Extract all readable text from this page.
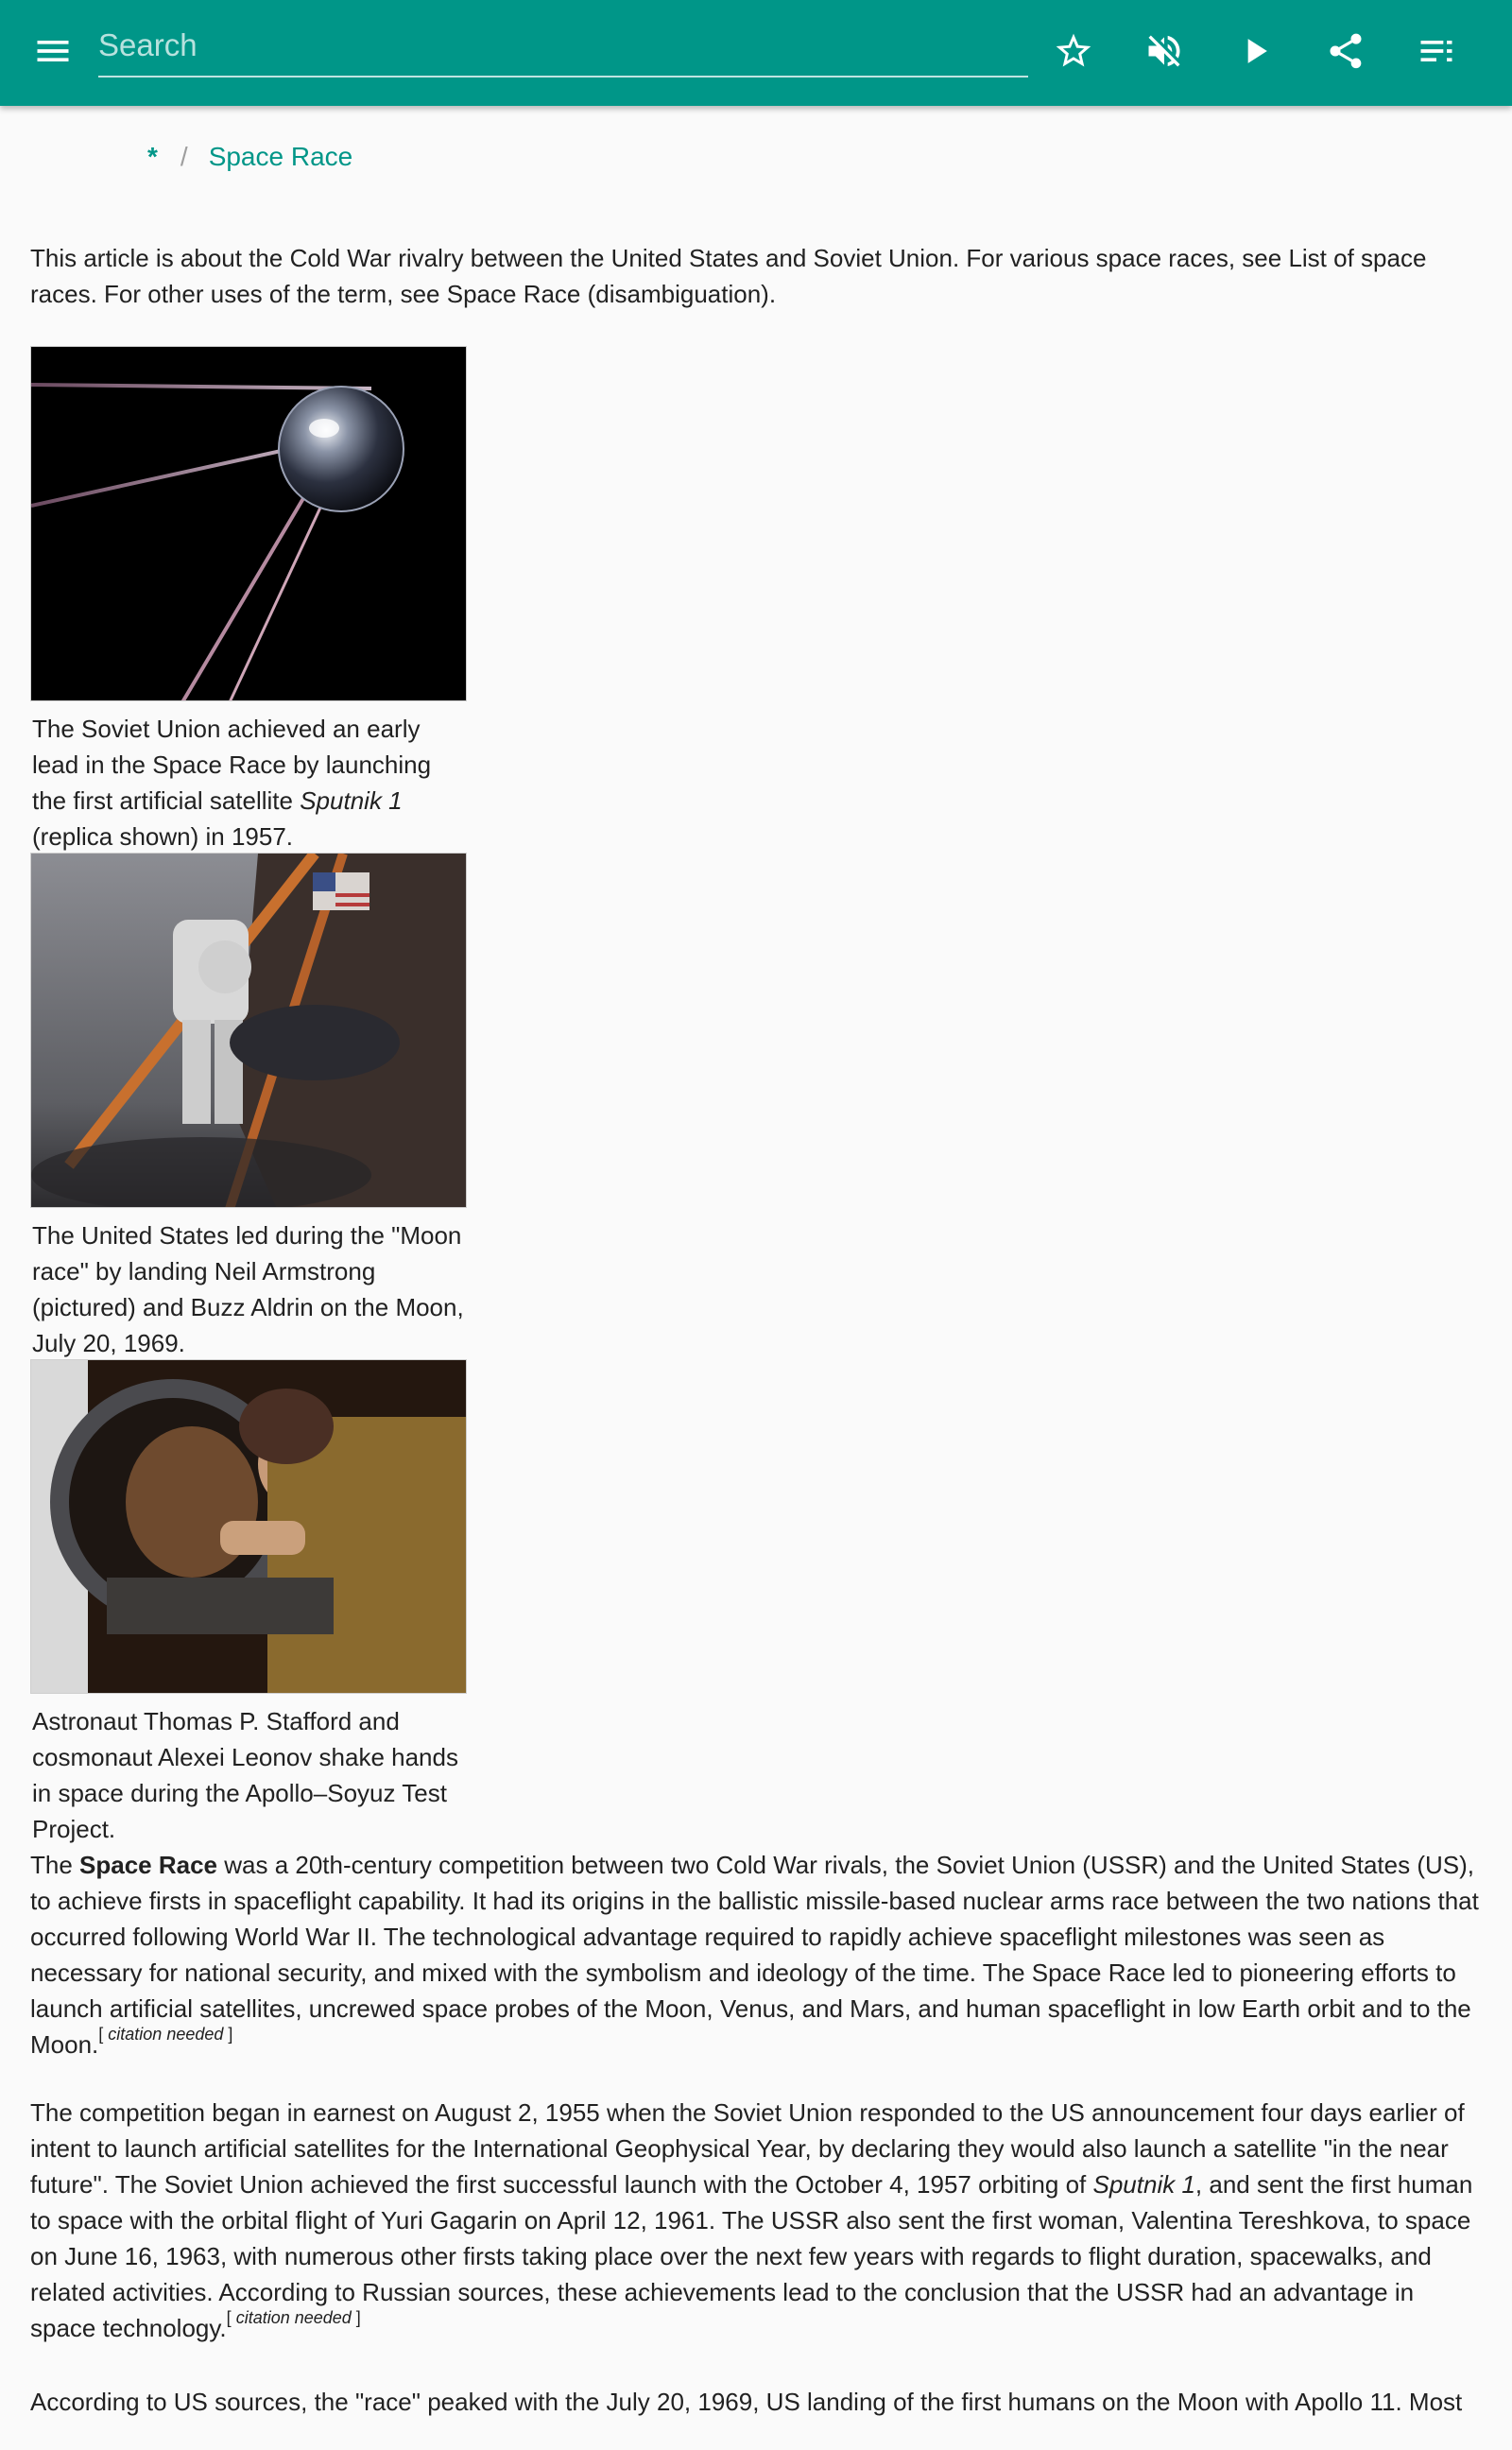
Search
* / Space Race
This article is about the Cold War rivalry between the United States and Soviet Union. For various space races, see List of space races. For other uses of the term, see Space Race (disambiguation).
The Soviet Union achieved an early lead in the Space Race by launching the first artificial satellite Sputnik 1 (replica shown) in 1957.
The United States led during the "Moon race" by landing Neil Armstrong (pictured) and Buzz Aldrin on the Moon, July 20, 1969.
Astronaut Thomas P. Stafford and cosmonaut Alexei Leonov shake hands in space during the Apollo–Soyuz Test Project.
The Space Race was a 20th-century competition between two Cold War rivals, the Soviet Union (USSR) and the United States (US), to achieve firsts in spaceflight capability. It had its origins in the ballistic missile-based nuclear arms race between the two nations that occurred following World War II. The technological advantage required to rapidly achieve spaceflight milestones was seen as necessary for national security, and mixed with the symbolism and ideology of the time. The Space Race led to pioneering efforts to launch artificial satellites, uncrewed space probes of the Moon, Venus, and Mars, and human spaceflight in low Earth orbit and to the Moon.[ citation needed ]
The competition began in earnest on August 2, 1955 when the Soviet Union responded to the US announcement four days earlier of intent to launch artificial satellites for the International Geophysical Year, by declaring they would also launch a satellite "in the near future". The Soviet Union achieved the first successful launch with the October 4, 1957 orbiting of Sputnik 1, and sent the first human to space with the orbital flight of Yuri Gagarin on April 12, 1961. The USSR also sent the first woman, Valentina Tereshkova, to space on June 16, 1963, with numerous other firsts taking place over the next few years with regards to flight duration, spacewalks, and related activities. According to Russian sources, these achievements lead to the conclusion that the USSR had an advantage in space technology.[ citation needed ]
According to US sources, the "race" peaked with the July 20, 1969, US landing of the first humans on the Moon with Apollo 11. Most
